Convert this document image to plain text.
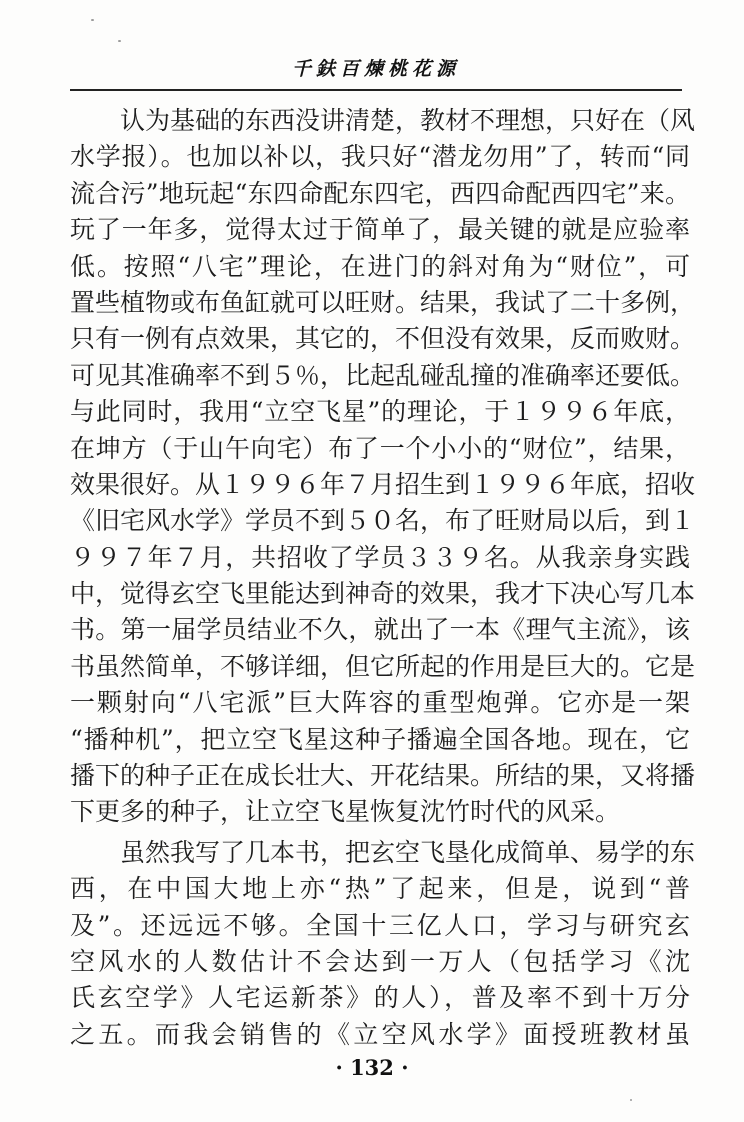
千鈇百煉桃花源
认为基础的东西没讲清楚，教材不理想，只好在（风
水学报）。也加以补以，我只好“潜龙勿用”了，转而“同
流合污”地玩起“东四命配东四宅，西四命配西四宅”来。
玩了一年多，觉得太过于简单了，最关键的就是应验率
低。按照“八宅”理论，在进门的斜对角为“财位”，可
置些植物或布鱼缸就可以旺财。结果，我试了二十多例，
只有一例有点效果，其它的，不但没有效果，反而败财。
可见其准确率不到５％，比起乱碰乱撞的准确率还要低。
与此同时，我用“立空飞星”的理论，于１９９６年底，
在坤方（于山午向宅）布了一个小小的“财位”，结果，
效果很好。从１９９６年７月招生到１９９６年底，招收
《旧宅风水学》学员不到５０名，布了旺财局以后，到１
９９７年７月，共招收了学员３３９名。从我亲身实践
中，觉得玄空飞里能达到神奇的效果，我才下决心写几本
书。第一届学员结业不久，就出了一本《理气主流》，该
书虽然简单，不够详细，但它所起的作用是巨大的。它是
一颗射向“八宅派”巨大阵容的重型炮弹。它亦是一架
“播种机”，把立空飞星这种子播遍全国各地。现在，它
播下的种子正在成长壮大、开花结果。所结的果，又将播
下更多的种子，让立空飞星恢复沈竹时代的风采。
虽然我写了几本书，把玄空飞垦化成简单、易学的东
西，在中国大地上亦“热”了起来，但是，说到“普
及”。还远远不够。全国十三亿人口，学习与研究玄
空风水的人数估计不会达到一万人（包括学习《沈
氏玄空学》人宅运新茶》的人），普及率不到十万分
之五。而我会销售的《立空风水学》面授班教材虽
· 132 ·
